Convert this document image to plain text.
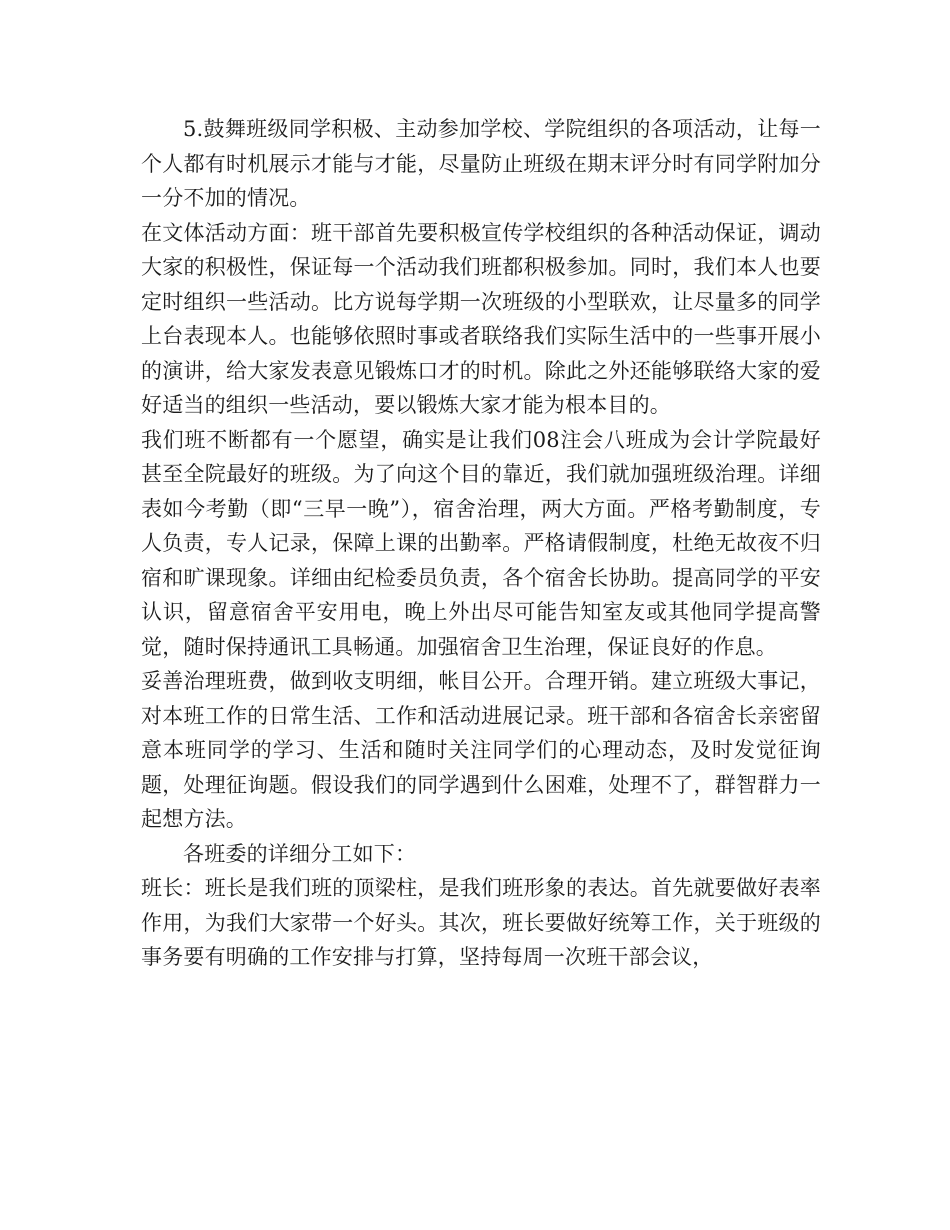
5.鼓舞班级同学积极、主动参加学校、学院组织的各项活动，让每一个人都有时机展示才能与才能，尽量防止班级在期末评分时有同学附加分一分不加的情况。

在文体活动方面：班干部首先要积极宣传学校组织的各种活动保证，调动大家的积极性，保证每一个活动我们班都积极参加。同时，我们本人也要定时组织一些活动。比方说每学期一次班级的小型联欢，让尽量多的同学上台表现本人。也能够依照时事或者联络我们实际生活中的一些事开展小的演讲，给大家发表意见锻炼口才的时机。除此之外还能够联络大家的爱好适当的组织一些活动，要以锻炼大家才能为根本目的。

我们班不断都有一个愿望，确实是让我们08注会八班成为会计学院最好甚至全院最好的班级。为了向这个目的靠近，我们就加强班级治理。详细表如今考勤（即“三早一晚”），宿舍治理，两大方面。严格考勤制度，专人负责，专人记录，保障上课的出勤率。严格请假制度，杜绝无故夜不归宿和旷课现象。详细由纪检委员负责，各个宿舍长协助。提高同学的平安认识，留意宿舍平安用电，晚上外出尽可能告知室友或其他同学提高警觉，随时保持通讯工具畅通。加强宿舍卫生治理，保证良好的作息。

妥善治理班费，做到收支明细，帐目公开。合理开销。建立班级大事记，对本班工作的日常生活、工作和活动进展记录。班干部和各宿舍长亲密留意本班同学的学习、生活和随时关注同学们的心理动态，及时发觉征询题，处理征询题。假设我们的同学遇到什么困难，处理不了，群智群力一起想方法。

各班委的详细分工如下：

班长：班长是我们班的顶梁柱，是我们班形象的表达。首先就要做好表率作用，为我们大家带一个好头。其次，班长要做好统筹工作，关于班级的事务要有明确的工作安排与打算，坚持每周一次班干部会议，
